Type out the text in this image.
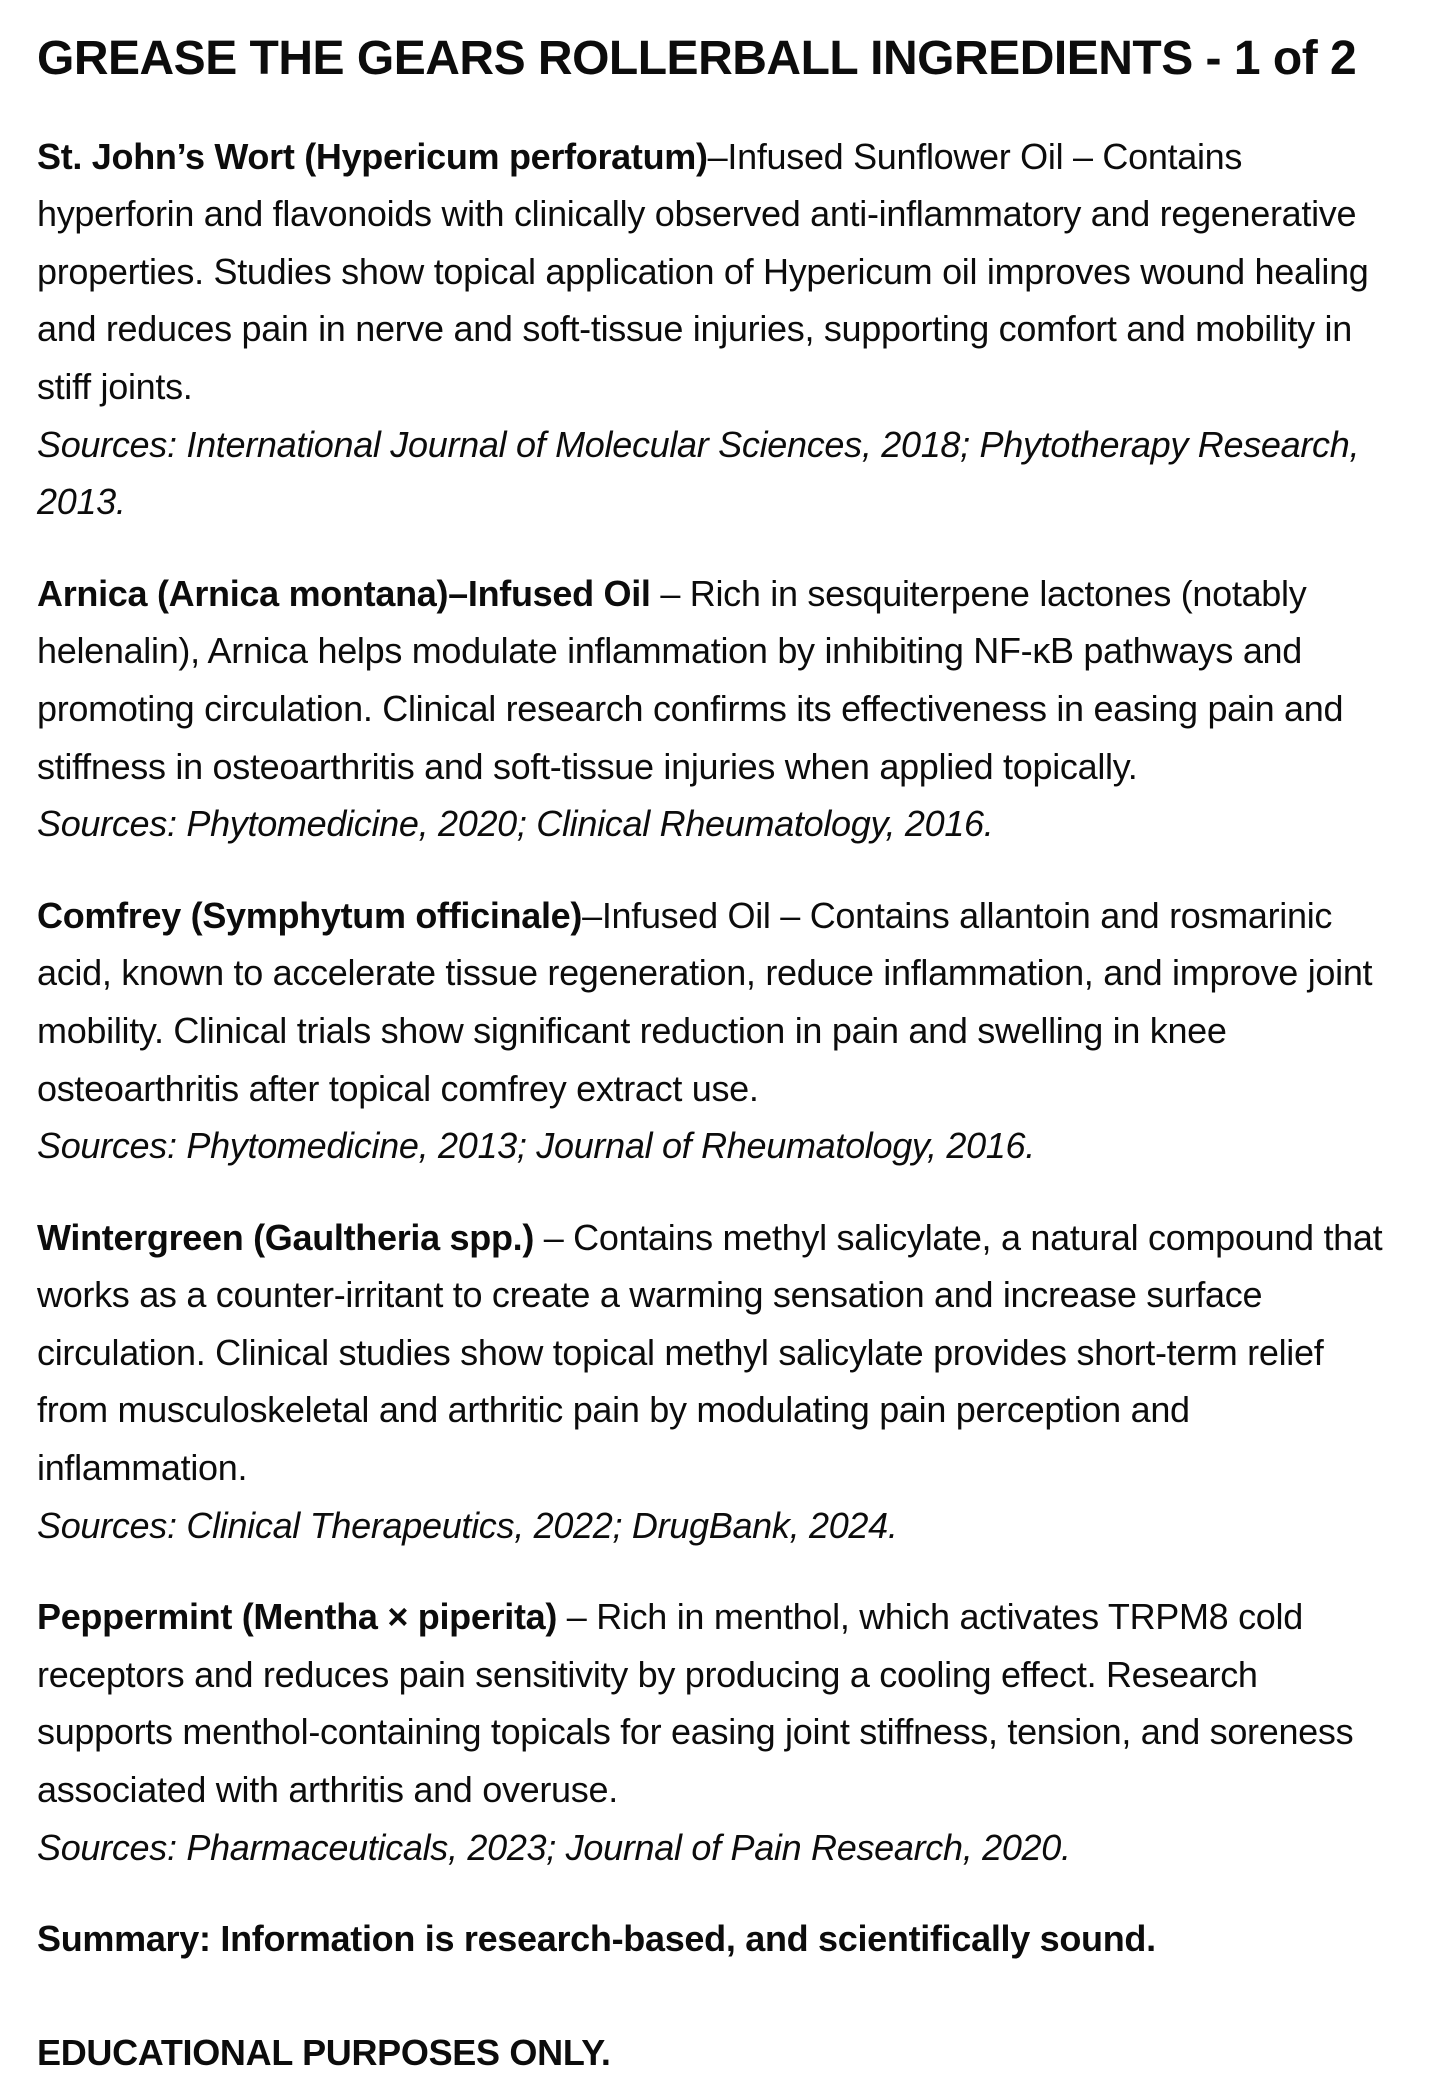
GREASE THE GEARS ROLLERBALL INGREDIENTS - 1 of 2

St. John’s Wort (Hypericum perforatum)–Infused Sunflower Oil – Contains hyperforin and flavonoids with clinically observed anti-inflammatory and regenerative properties. Studies show topical application of Hypericum oil improves wound healing and reduces pain in nerve and soft-tissue injuries, supporting comfort and mobility in stiff joints.

Sources: International Journal of Molecular Sciences, 2018; Phytotherapy Research, 2013.

Arnica (Arnica montana)–Infused Oil – Rich in sesquiterpene lactones (notably helenalin), Arnica helps modulate inflammation by inhibiting NF-κB pathways and promoting circulation. Clinical research confirms its effectiveness in easing pain and stiffness in osteoarthritis and soft-tissue injuries when applied topically.

Sources: Phytomedicine, 2020; Clinical Rheumatology, 2016.

Comfrey (Symphytum officinale)–Infused Oil – Contains allantoin and rosmarinic acid, known to accelerate tissue regeneration, reduce inflammation, and improve joint mobility. Clinical trials show significant reduction in pain and swelling in knee osteoarthritis after topical comfrey extract use.

Sources: Phytomedicine, 2013; Journal of Rheumatology, 2016.

Wintergreen (Gaultheria spp.) – Contains methyl salicylate, a natural compound that works as a counter-irritant to create a warming sensation and increase surface circulation. Clinical studies show topical methyl salicylate provides short-term relief from musculoskeletal and arthritic pain by modulating pain perception and inflammation.

Sources: Clinical Therapeutics, 2022; DrugBank, 2024.

Peppermint (Mentha × piperita) – Rich in menthol, which activates TRPM8 cold receptors and reduces pain sensitivity by producing a cooling effect. Research supports menthol-containing topicals for easing joint stiffness, tension, and soreness associated with arthritis and overuse.

Sources: Pharmaceuticals, 2023; Journal of Pain Research, 2020.

Summary: Information is research-based, and scientifically sound.

EDUCATIONAL PURPOSES ONLY.
